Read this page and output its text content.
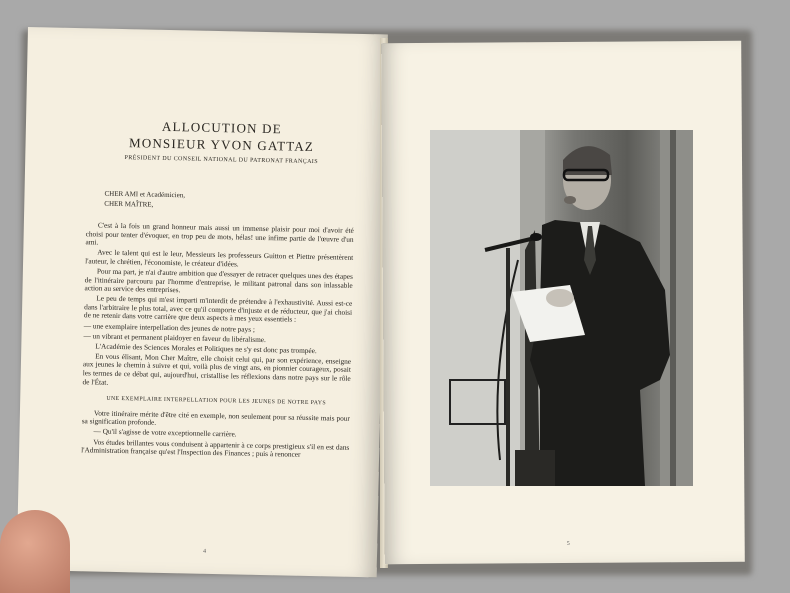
ALLOCUTION DE
MONSIEUR YVON GATTAZ
PRÉSIDENT DU CONSEIL NATIONAL DU PATRONAT FRANÇAIS
CHER AMI et Académicien,
CHER MAÎTRE,

C'est à la fois un grand honneur mais aussi un immense plaisir pour moi d'avoir été choisi pour tenter d'évoquer, en trop peu de mots, hélas! une infime partie de l'œuvre d'un ami.

Avec le talent qui est le leur, Messieurs les professeurs Guitton et Piettre présentèrent l'auteur, le chrétien, l'économiste, le créateur d'idées.

Pour ma part, je n'ai d'autre ambition que d'essayer de retracer quelques unes des étapes de l'itinéraire parcouru par l'homme d'entreprise, le militant patronal dans son inlassable action au service des entreprises.

Le peu de temps qui m'est imparti m'interdit de prétendre à l'exhaustivité. Aussi est-ce dans l'arbitraire le plus total, avec ce qu'il comporte d'injuste et de réducteur, que j'ai choisi de ne retenir dans votre carrière que deux aspects à mes yeux essentiels :

— une exemplaire interpellation des jeunes de notre pays ;

— un vibrant et permanent plaidoyer en faveur du libéralisme.

L'Académie des Sciences Morales et Politiques ne s'y est donc pas trompée.

En vous élisant, Mon Cher Maître, elle choisit celui qui, par son expérience, enseigne aux jeunes le chemin à suivre et qui, voilà plus de vingt ans, en pionnier courageux, posait les termes de ce débat qui, aujourd'hui, cristallise les réflexions dans notre pays sur le rôle de l'État.

UNE EXEMPLAIRE INTERPELLATION POUR LES JEUNES DE NOTRE PAYS

Votre itinéraire mérite d'être cité en exemple, non seulement pour sa réussite mais pour sa signification profonde.

— Qu'il s'agisse de votre exceptionnelle carrière.

Vos études brillantes vous conduisent à appartenir à ce corps prestigieux s'il en est dans l'Administration française qu'est l'Inspection des Finances ; puis à renoncer

4
5
